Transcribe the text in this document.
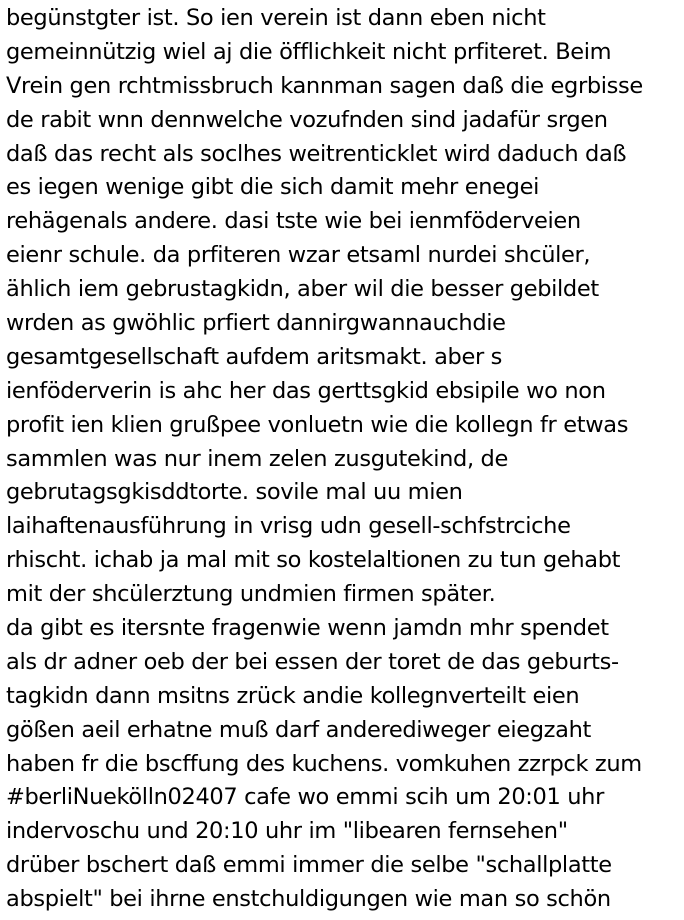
begünstgter ist. So ien verein ist dann eben nicht
gemeinnützig wiel aj die öfflichkeit nicht prfiteret. Beim
Vrein gen rchtmissbruch kannman sagen daß die egrbisse
de rabit wnn dennwelche vozufnden sind jadafür srgen
daß das recht als soclhes weitrenticklet wird daduch daß
es iegen wenige gibt die sich damit mehr enegei
rehägenals andere. dasi tste wie bei ienmföderveien
eienr schule. da prfiteren wzar etsaml nurdei shcüler,
ählich iem gebrustagkidn, aber wil die besser gebildet
wrden as gwöhlic prfiert dannirgwannauchdie
gesamtgesellschaft aufdem aritsmakt. aber s
ienföderverin is ahc her das gerttsgkid ebsipile wo non
profit ien klien grußpee vonluetn wie die kollegn fr etwas
sammlen was nur inem zelen zusgutekind, de
gebrutagsgkisddtorte. sovile mal uu mien
laihaftenausführung in vrisg udn gesell-schfstrciche
rhischt. ichab ja mal mit so kostelaltionen zu tun gehabt
mit der shcülerztung undmien firmen später.
da gibt es itersnte fragenwie wenn jamdn mhr spendet
als dr adner oeb der bei essen der toret de das geburts-
tagkidn dann msitns zrück andie kollegnverteilt eien
gößen aeil erhatne muß darf anderediweger eiegzaht
haben fr die bscffung des kuchens. vomkuhen zzrpck zum
#berliNuekölln02407 cafe wo emmi scih um 20:01 uhr
indervoschu und 20:10 uhr im "libearen fernsehen"
drüber bschert daß emmi immer die selbe "schallplatte
abspielt" bei ihrne enstchuldigungen wie man so schön
